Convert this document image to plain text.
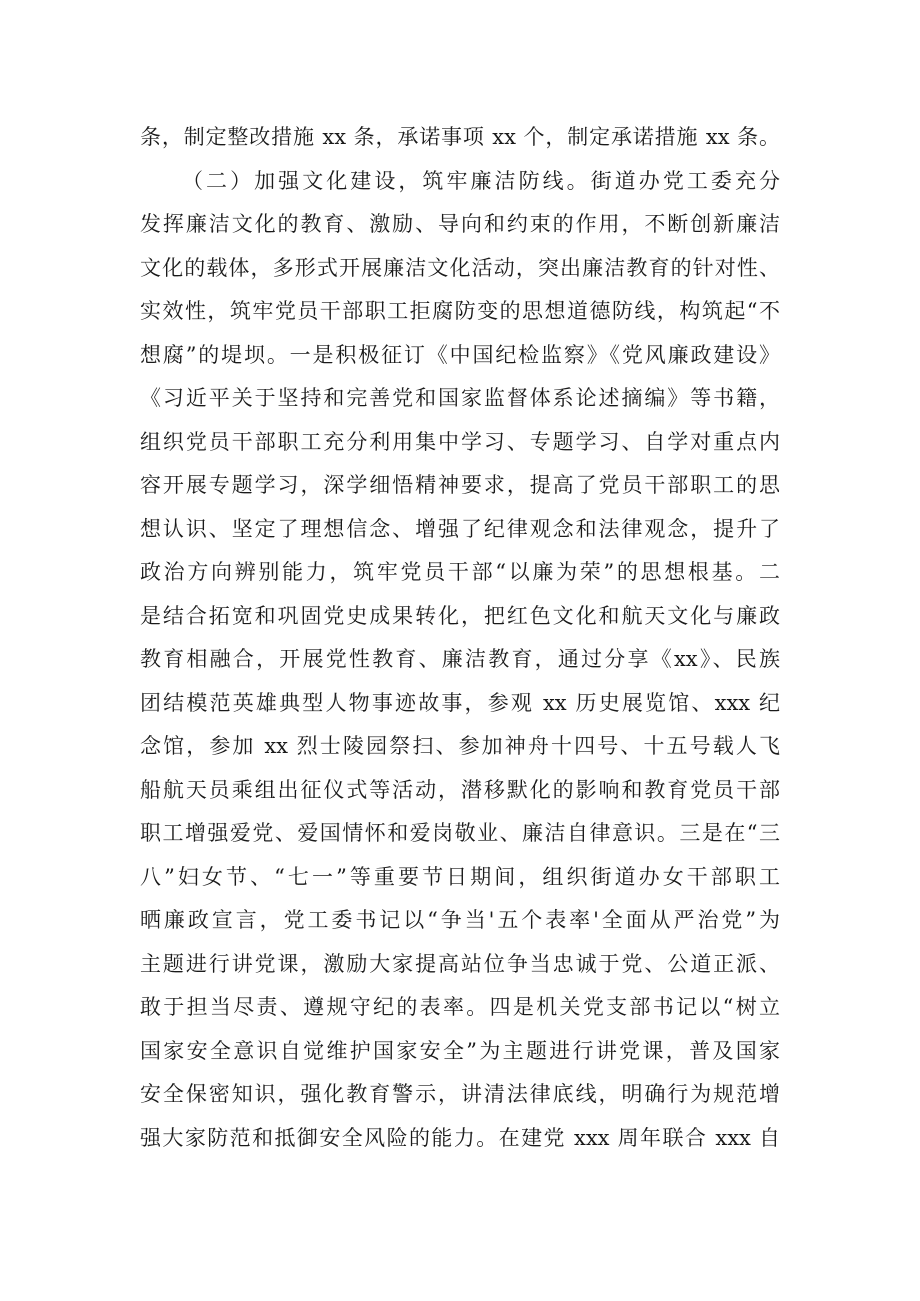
条，制定整改措施 xx 条，承诺事项 xx 个，制定承诺措施 xx 条。
（二）加强文化建设，筑牢廉洁防线。街道办党工委充分
发挥廉洁文化的教育、激励、导向和约束的作用，不断创新廉洁
文化的载体，多形式开展廉洁文化活动，突出廉洁教育的针对性、
实效性，筑牢党员干部职工拒腐防变的思想道德防线，构筑起“不
想腐”的堤坝。一是积极征订《中国纪检监察》《党风廉政建设》
《习近平关于坚持和完善党和国家监督体系论述摘编》等书籍，
组织党员干部职工充分利用集中学习、专题学习、自学对重点内
容开展专题学习，深学细悟精神要求，提高了党员干部职工的思
想认识、坚定了理想信念、增强了纪律观念和法律观念，提升了
政治方向辨别能力，筑牢党员干部“以廉为荣”的思想根基。二
是结合拓宽和巩固党史成果转化，把红色文化和航天文化与廉政
教育相融合，开展党性教育、廉洁教育，通过分享《xx》、民族
团结模范英雄典型人物事迹故事，参观 xx 历史展览馆、xxx 纪
念馆，参加 xx 烈士陵园祭扫、参加神舟十四号、十五号载人飞
船航天员乘组出征仪式等活动，潜移默化的影响和教育党员干部
职工增强爱党、爱国情怀和爱岗敬业、廉洁自律意识。三是在“三
八”妇女节、“七一”等重要节日期间，组织街道办女干部职工
晒廉政宣言，党工委书记以“争当'五个表率'全面从严治党”为
主题进行讲党课，激励大家提高站位争当忠诚于党、公道正派、
敢于担当尽责、遵规守纪的表率。四是机关党支部书记以“树立
国家安全意识自觉维护国家安全”为主题进行讲党课，普及国家
安全保密知识，强化教育警示，讲清法律底线，明确行为规范增
强大家防范和抵御安全风险的能力。在建党 xxx 周年联合 xxx 自
